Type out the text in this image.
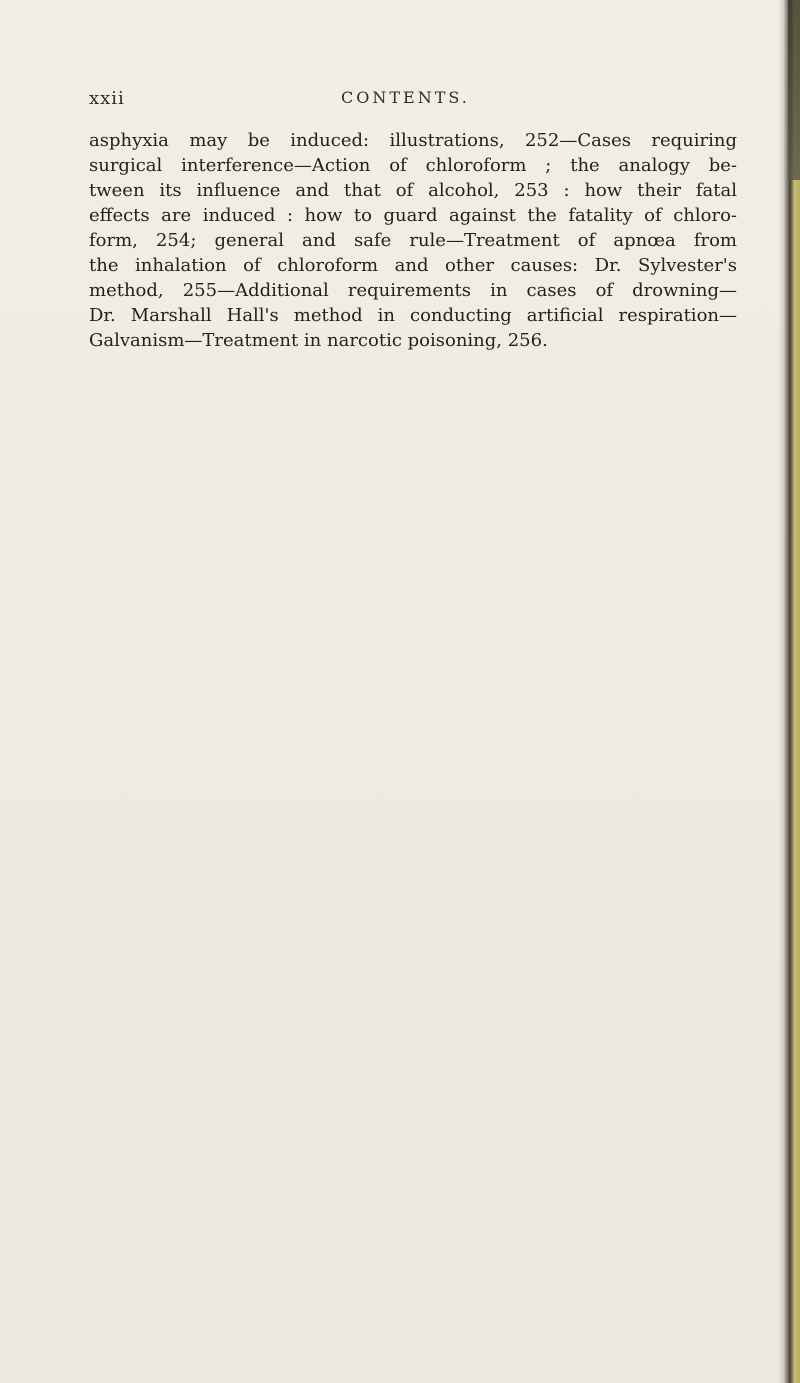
xxii	CONTENTS.
asphyxia may be induced: illustrations, 252—Cases requiring
surgical interference—Action of chloroform ; the analogy be-
tween its influence and that of alcohol, 253 : how their fatal
effects are induced : how to guard against the fatality of chloro-
form, 254; general and safe rule—Treatment of apnœa from
the inhalation of chloroform and other causes: Dr. Sylvester's
method, 255—Additional requirements in cases of drowning—
Dr. Marshall Hall's method in conducting artificial respiration—
Galvanism—Treatment in narcotic poisoning, 256.
